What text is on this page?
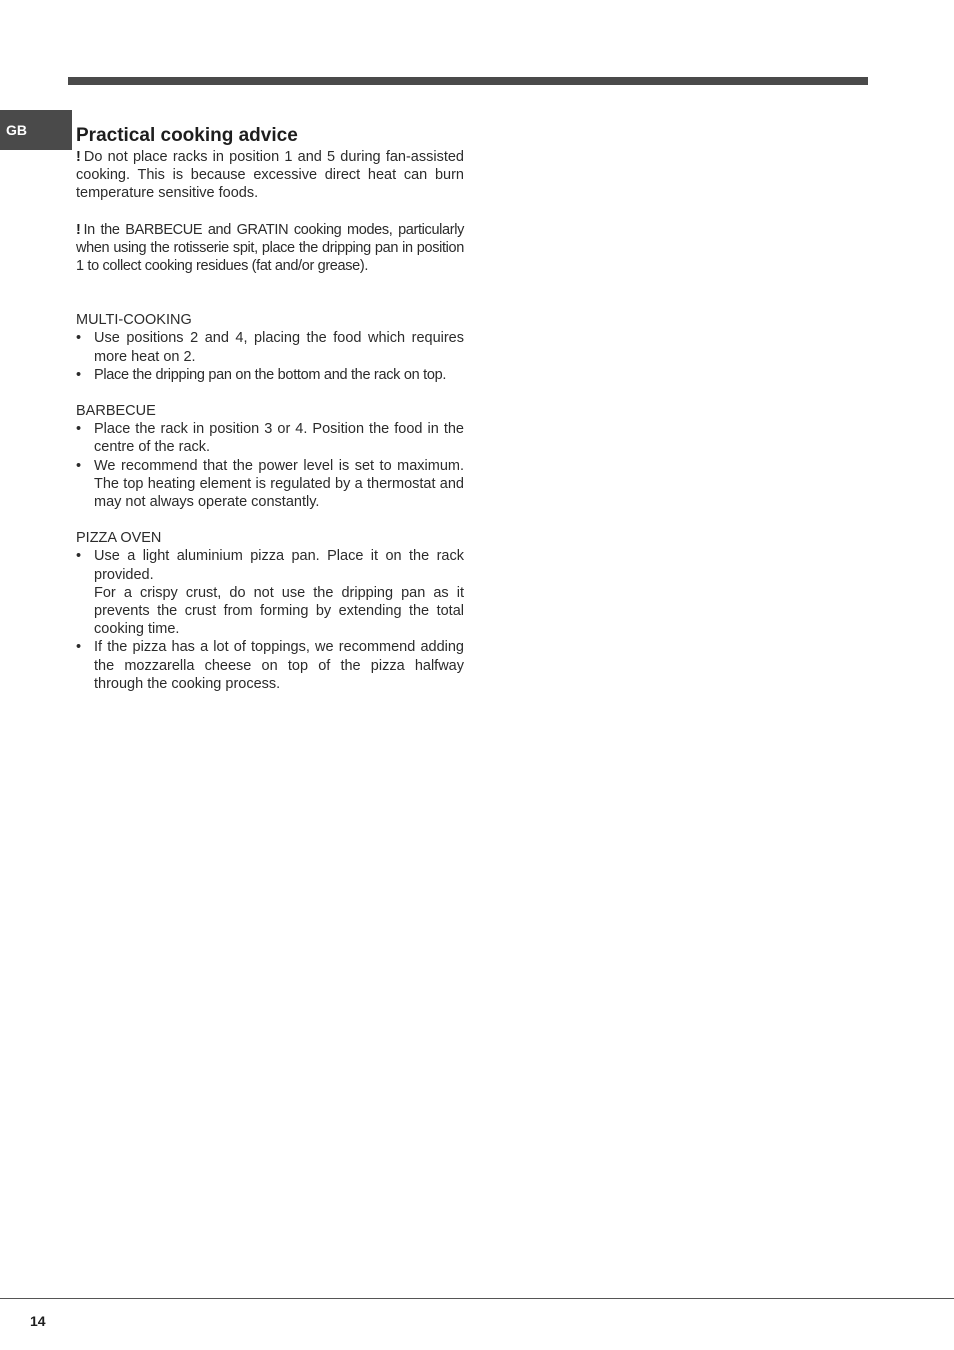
GB	Practical cooking advice

! Do not place racks in position 1 and 5 during fan-assisted cooking. This is because excessive direct heat can burn temperature sensitive foods.

! In the BARBECUE and GRATIN cooking modes, particularly when using the rotisserie spit, place the dripping pan in position 1 to collect cooking residues (fat and/or grease).

MULTI-COOKING

• Use positions 2 and 4, placing the food which requires more heat on 2.
• Place the dripping pan on the bottom and the rack on top.

BARBECUE

• Place the rack in position 3 or 4. Position the food in the centre of the rack.
• We recommend that the power level is set to maximum. The top heating element is regulated by a thermostat and may not always operate constantly.

PIZZA OVEN

• Use a light aluminium pizza pan. Place it on the rack provided.
For a crispy crust, do not use the dripping pan as it prevents the crust from forming by extending the total cooking time.
• If the pizza has a lot of toppings, we recommend adding the mozzarella cheese on top of the pizza halfway through the cooking process.
14
